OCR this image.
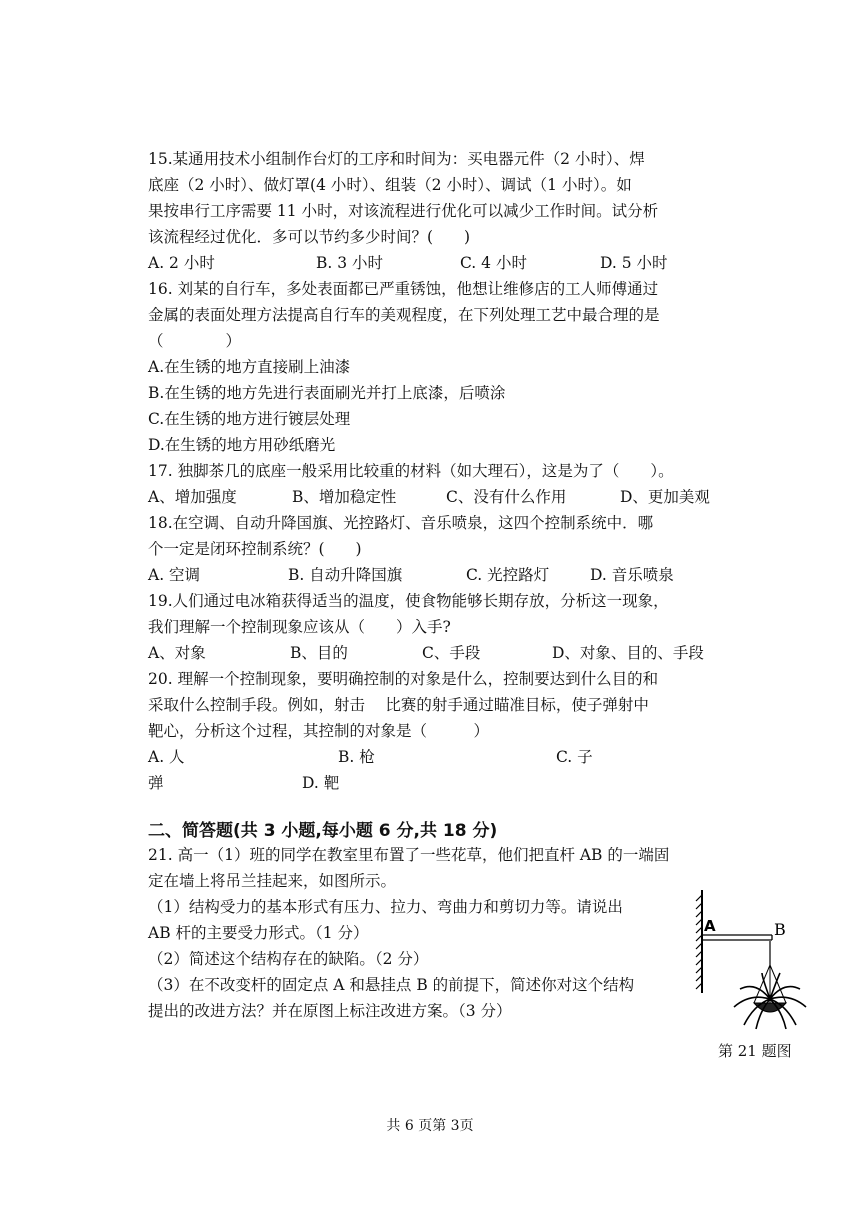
15.某通用技术小组制作台灯的工序和时间为：买电器元件（2 小时）、焊
底座（2 小时）、做灯罩(4 小时）、组装（2 小时）、调试（1 小时）。如
果按串行工序需要 11 小时，对该流程进行优化可以减少工作时间。试分析
该流程经过优化．多可以节约多少时间？(　　)
A. 2 小时	B. 3 小时	C. 4 小时	D. 5 小时
16. 刘某的自行车，多处表面都已严重锈蚀，他想让维修店的工人师傅通过
金属的表面处理方法提高自行车的美观程度，在下列处理工艺中最合理的是
（　　　　）
A.在生锈的地方直接刷上油漆
B.在生锈的地方先进行表面刷光并打上底漆，后喷涂
C.在生锈的地方进行镀层处理
D.在生锈的地方用砂纸磨光
17. 独脚茶几的底座一般采用比较重的材料（如大理石），这是为了（　　）。
A、增加强度	B、增加稳定性	C、没有什么作用	D、更加美观
18.在空调、自动升降国旗、光控路灯、音乐喷泉，这四个控制系统中．哪
个一定是闭环控制系统？(　　)
A. 空调	B. 自动升降国旗	C. 光控路灯	D. 音乐喷泉
19.人们通过电冰箱获得适当的温度，使食物能够长期存放，分析这一现象，
我们理解一个控制现象应该从（　　）入手?
A、对象	B、目的	C、手段	D、对象、目的、手段
20. 理解一个控制现象，要明确控制的对象是什么，控制要达到什么目的和
采取什么控制手段。例如，射击　 比赛的射手通过瞄准目标，使子弹射中
靶心，分析这个过程，其控制的对象是（　　　）
A. 人	B. 枪	C. 子
弹	D. 靶
二、简答题(共 3 小题,每小题 6 分,共 18 分)
21. 高一（1）班的同学在教室里布置了一些花草，他们把直杆 AB 的一端固
定在墙上将吊兰挂起来，如图所示。
（1）结构受力的基本形式有压力、拉力、弯曲力和剪切力等。请说出
AB 杆的主要受力形式。（1 分）
（2）简述这个结构存在的缺陷。（2 分）
（3）在不改变杆的固定点 A 和悬挂点 B 的前提下，简述你对这个结构
提出的改进方法？并在原图上标注改进方案。（3 分）
A	B
第 21 题图
共 6 页第 3页
